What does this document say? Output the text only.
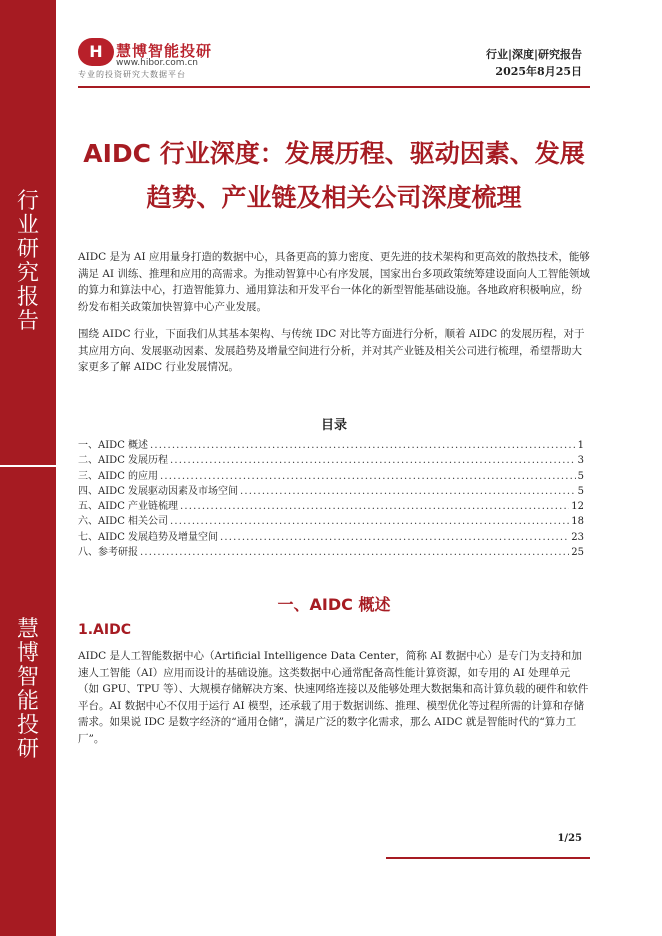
行
业
研
究
报
告
慧
博
智
能
投
研
H 慧博智能投研
www.hibor.com.cn
专业的投资研究大数据平台
行业|深度|研究报告
2025年8月25日
AIDC 行业深度：发展历程、驱动因素、发展
趋势、产业链及相关公司深度梳理
AIDC 是为 AI 应用量身打造的数据中心，具备更高的算力密度、更先进的技术架构和更高效的散热技术，能够满足 AI 训练、推理和应用的高需求。为推动智算中心有序发展，国家出台多项政策统筹建设面向人工智能领域的算力和算法中心，打造智能算力、通用算法和开发平台一体化的新型智能基础设施。各地政府积极响应，纷纷发布相关政策加快智算中心产业发展。
围绕 AIDC 行业，下面我们从其基本架构、与传统 IDC 对比等方面进行分析，顺着 AIDC 的发展历程，对于其应用方向、发展驱动因素、发展趋势及增量空间进行分析，并对其产业链及相关公司进行梳理，希望帮助大家更多了解 AIDC 行业发展情况。
目录
一、AIDC 概述 . . .	1
二、AIDC 发展历程 . . .	3
三、AIDC 的应用 . . .	5
四、AIDC 发展驱动因素及市场空间 . . .	5
五、AIDC 产业链梳理 . . .	12
六、AIDC 相关公司 . . .	18
七、AIDC 发展趋势及增量空间 . . .	23
八、参考研报 . . .	25
一、AIDC 概述
1.AIDC
AIDC 是人工智能数据中心（Artificial Intelligence Data Center，简称 AI 数据中心）是专门为支持和加速人工智能（AI）应用而设计的基础设施。这类数据中心通常配备高性能计算资源，如专用的 AI 处理单元（如 GPU、TPU 等）、大规模存储解决方案、快速网络连接以及能够处理大数据集和高计算负载的硬件和软件平台。AI 数据中心不仅用于运行 AI 模型，还承载了用于数据训练、推理、模型优化等过程所需的计算和存储需求。如果说 IDC 是数字经济的“通用仓储”，满足广泛的数字化需求，那么 AIDC 就是智能时代的“算力工厂”。
1/25
